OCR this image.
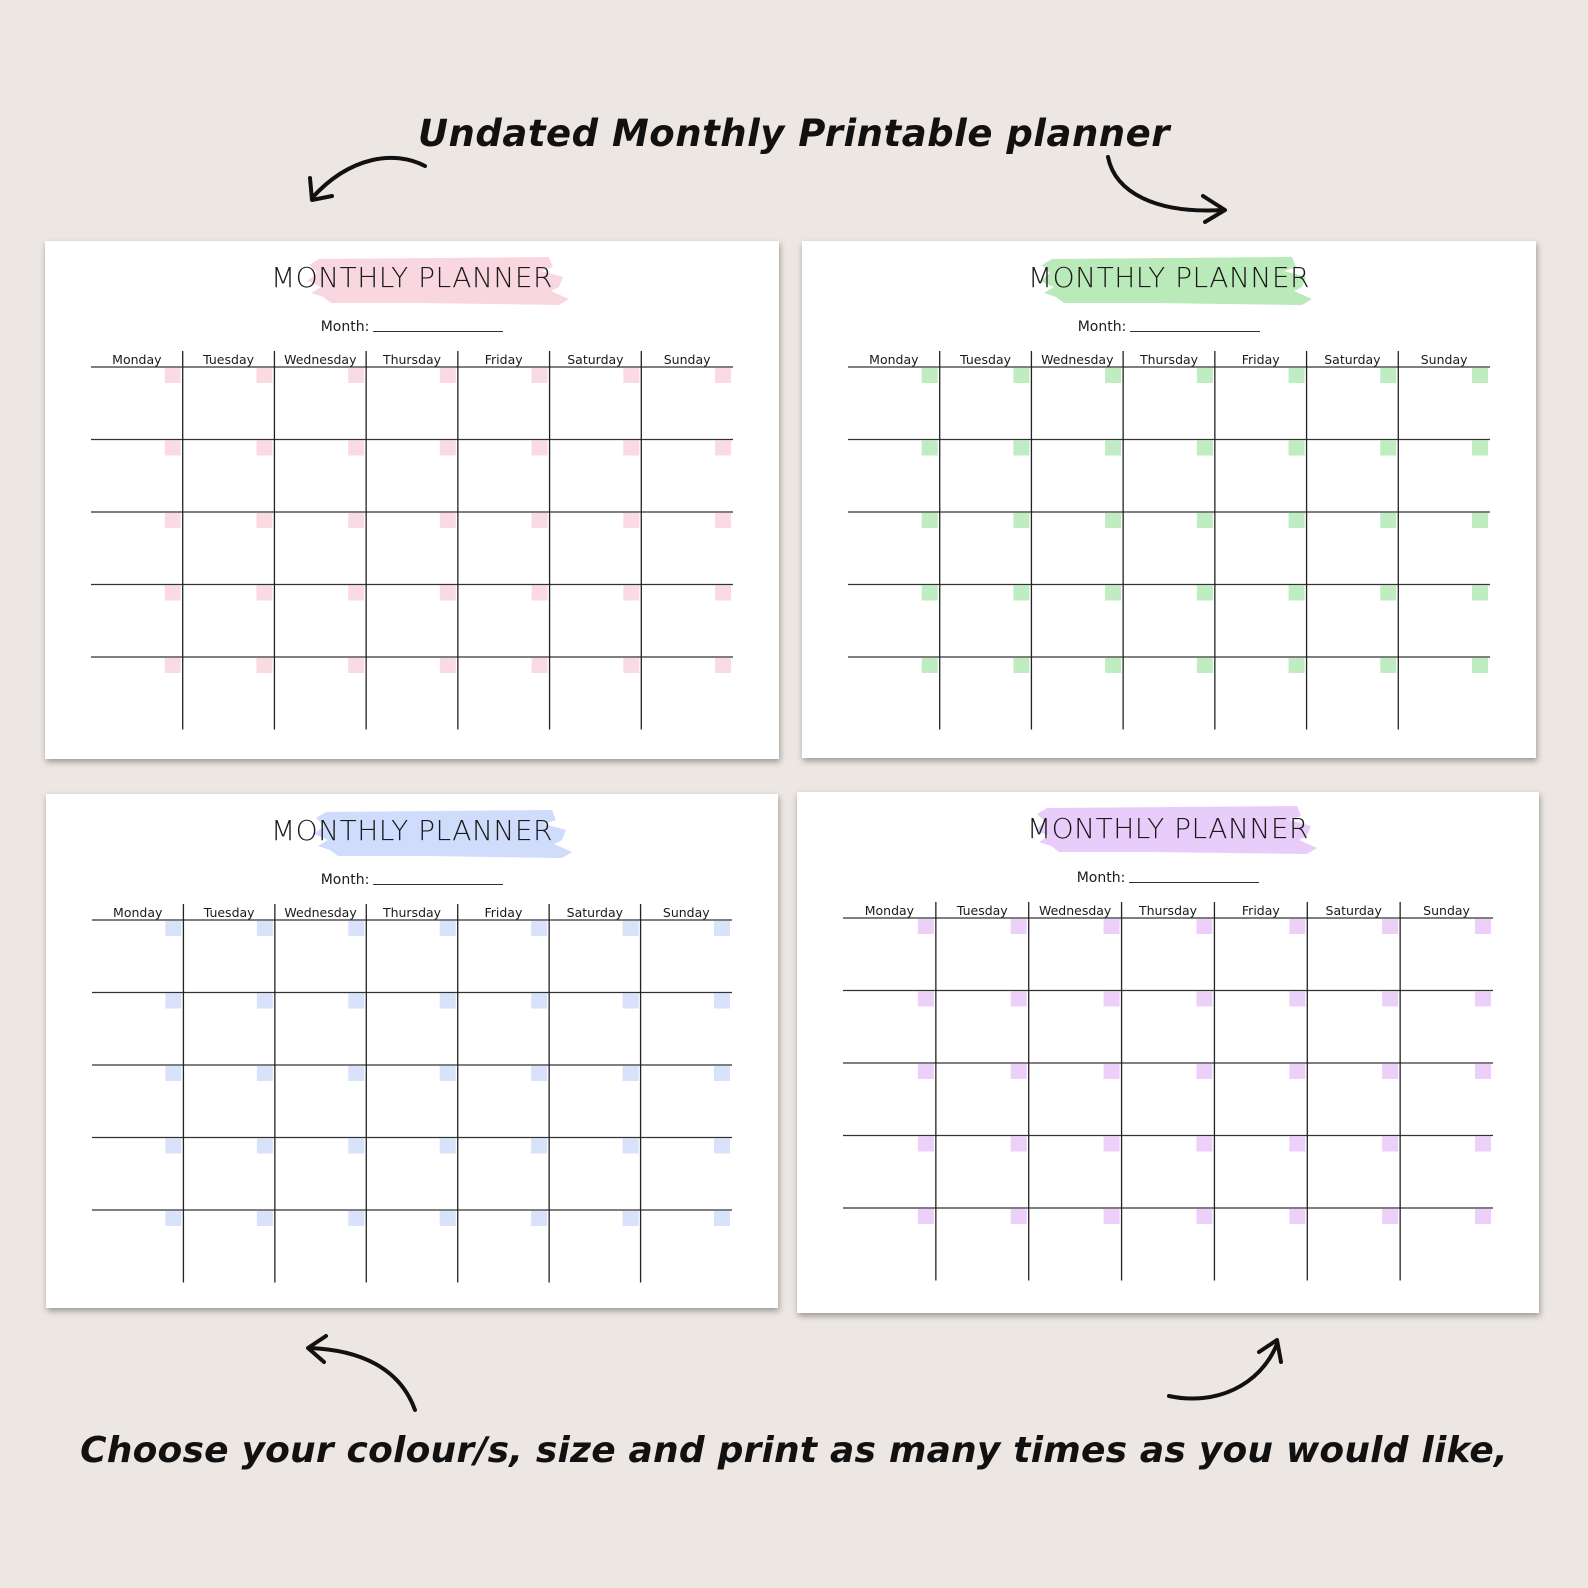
Undated Monthly Printable planner
MONTHLY PLANNER
Month:
Monday	Tuesday Wednesday Thursday	Friday	Saturday	Sunday
MONTHLY PLANNER
Month:
Monday	Tuesday Wednesday Thursday	Friday	Saturday	Sunday
MONTHLY PLANNER
Month:
Monday	Tuesday Wednesday Thursday	Friday	Saturday	Sunday
MONTHLY PLANNER
Month:
Monday	Tuesday Wednesday Thursday	Friday	Saturday	Sunday
Choose your colour/s, size and print as many times as you would like,
